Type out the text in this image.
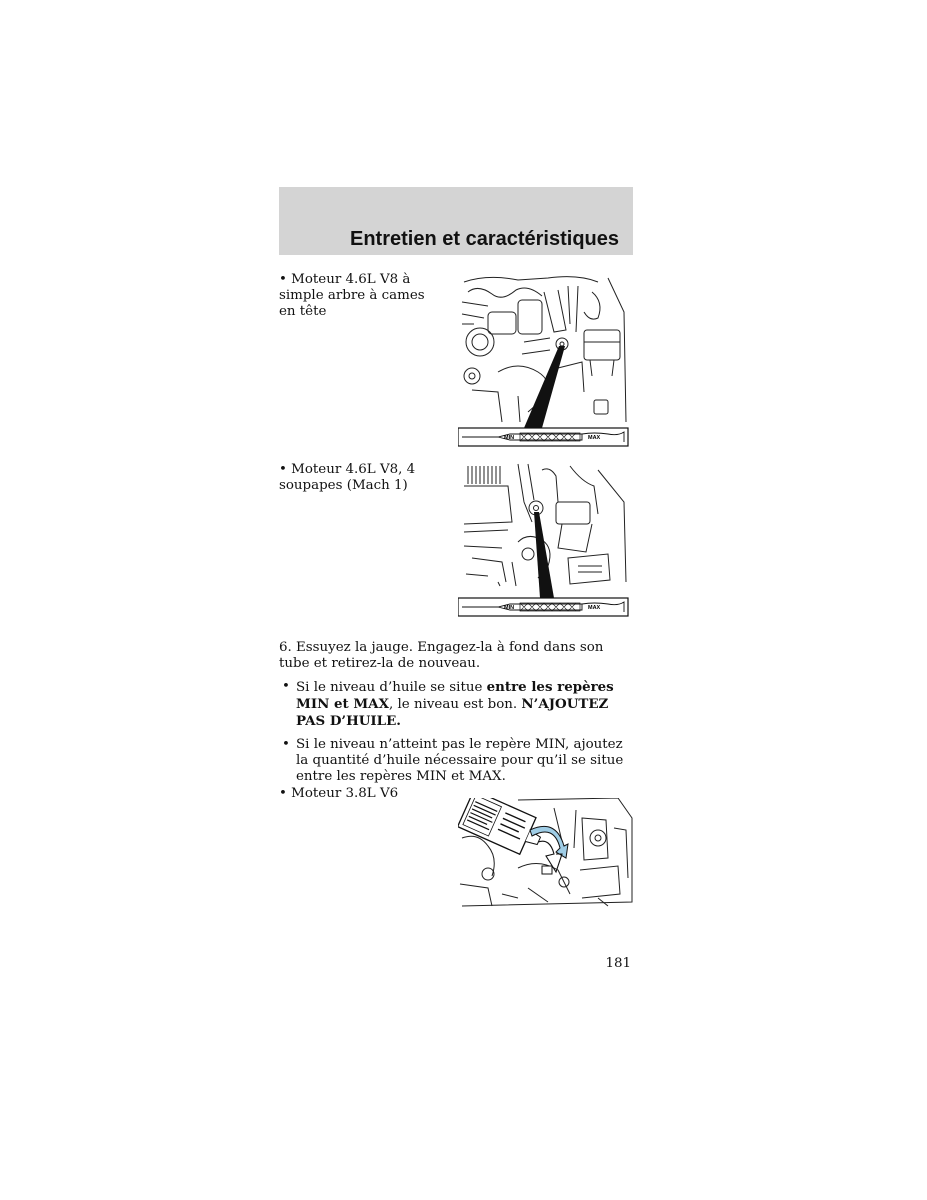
Entretien et caractéristiques
• Moteur 4.6L V8 à simple arbre à cames en tête
MIN	MAX
• Moteur 4.6L V8, 4 soupapes (Mach 1)
MIN	MAX
6. Essuyez la jauge. Engagez-la à fond dans son tube et retirez-la de nouveau.
• Si le niveau d’huile se situe entre les repères MIN et MAX, le niveau est bon. N’AJOUTEZ PAS D’HUILE.
• Si le niveau n’atteint pas le repère MIN, ajoutez la quantité d’huile nécessaire pour qu’il se situe entre les repères MIN et MAX.
• Moteur 3.8L V6
181
